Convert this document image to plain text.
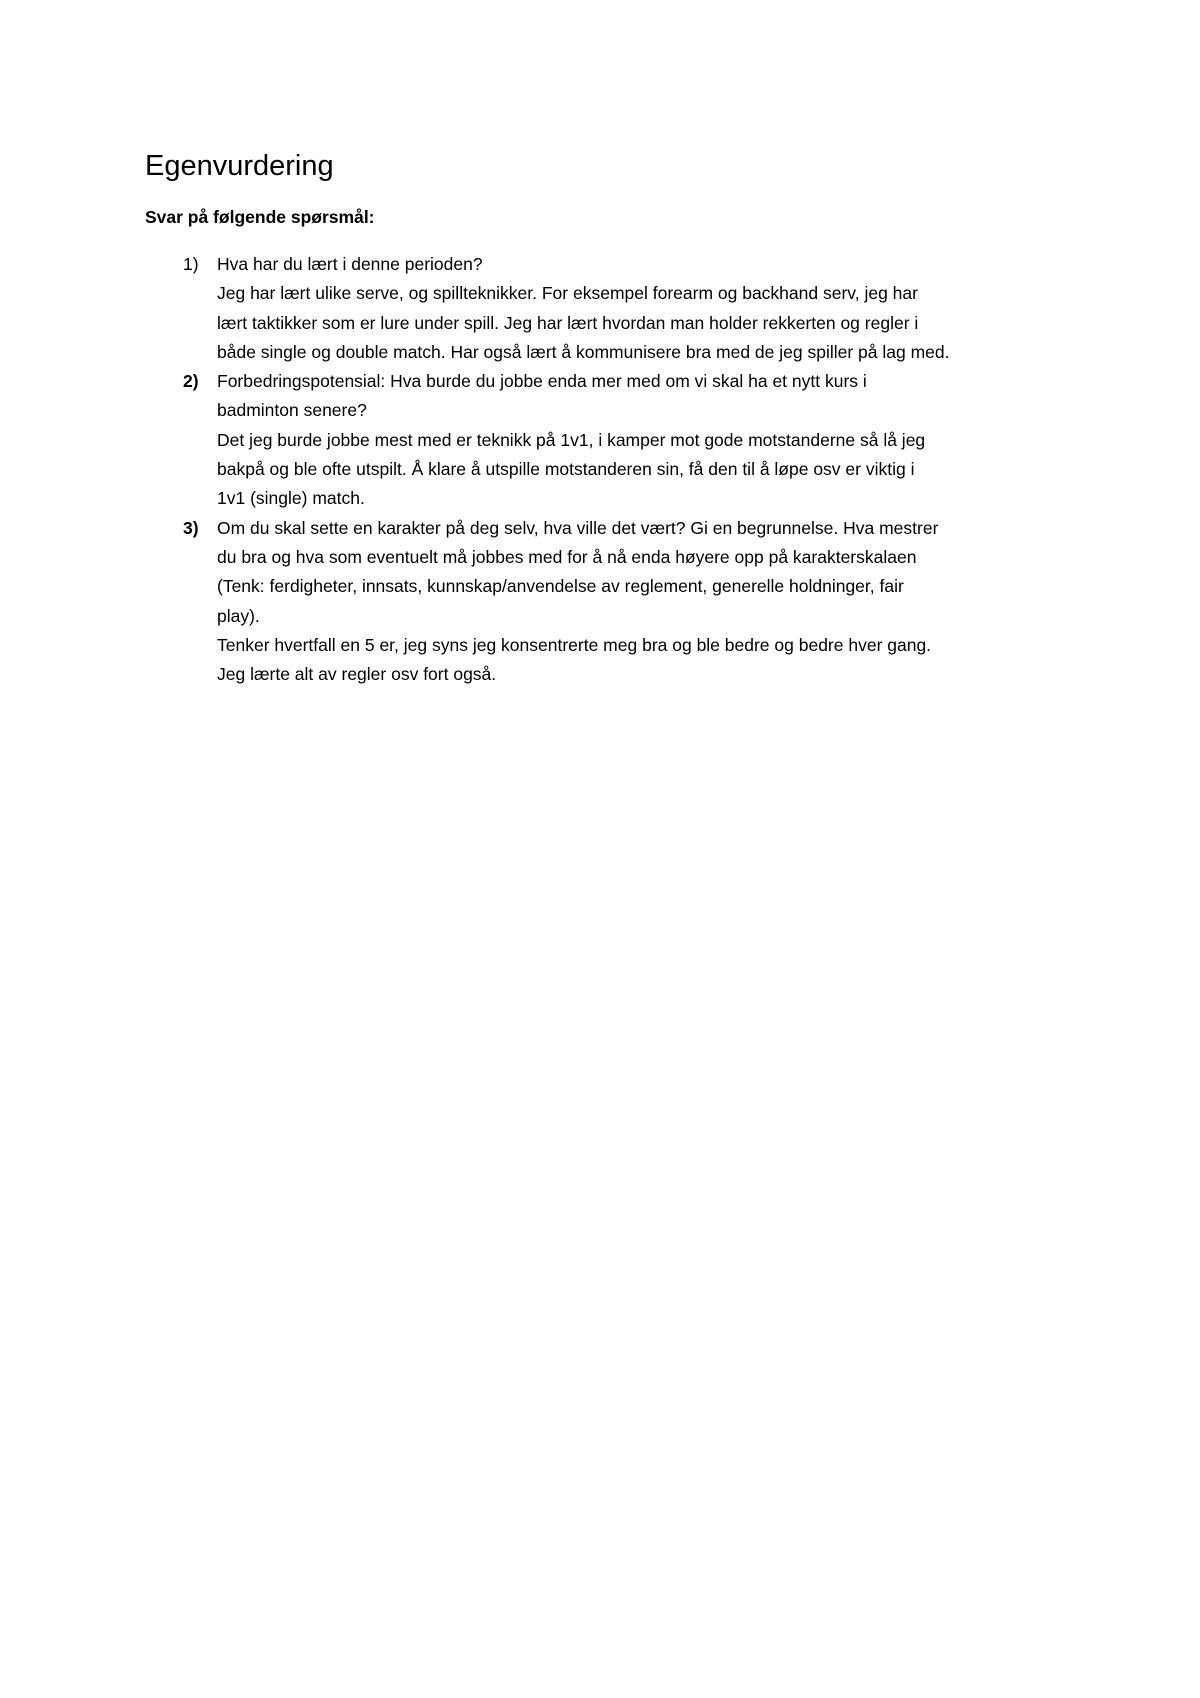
Egenvurdering

Svar på følgende spørsmål:

1) Hva har du lært i denne perioden?
Jeg har lært ulike serve, og spillteknikker. For eksempel forearm og backhand serv, jeg har
lært taktikker som er lure under spill. Jeg har lært hvordan man holder rekkerten og regler i
både single og double match. Har også lært å kommunisere bra med de jeg spiller på lag med.
2) Forbedringspotensial: Hva burde du jobbe enda mer med om vi skal ha et nytt kurs i
badminton senere?
Det jeg burde jobbe mest med er teknikk på 1v1, i kamper mot gode motstanderne så lå jeg
bakpå og ble ofte utspilt. Å klare å utspille motstanderen sin, få den til å løpe osv er viktig i
1v1 (single) match.
3) Om du skal sette en karakter på deg selv, hva ville det vært? Gi en begrunnelse. Hva mestrer
du bra og hva som eventuelt må jobbes med for å nå enda høyere opp på karakterskalaen
(Tenk: ferdigheter, innsats, kunnskap/anvendelse av reglement, generelle holdninger, fair
play).
Tenker hvertfall en 5 er, jeg syns jeg konsentrerte meg bra og ble bedre og bedre hver gang.
Jeg lærte alt av regler osv fort også.
